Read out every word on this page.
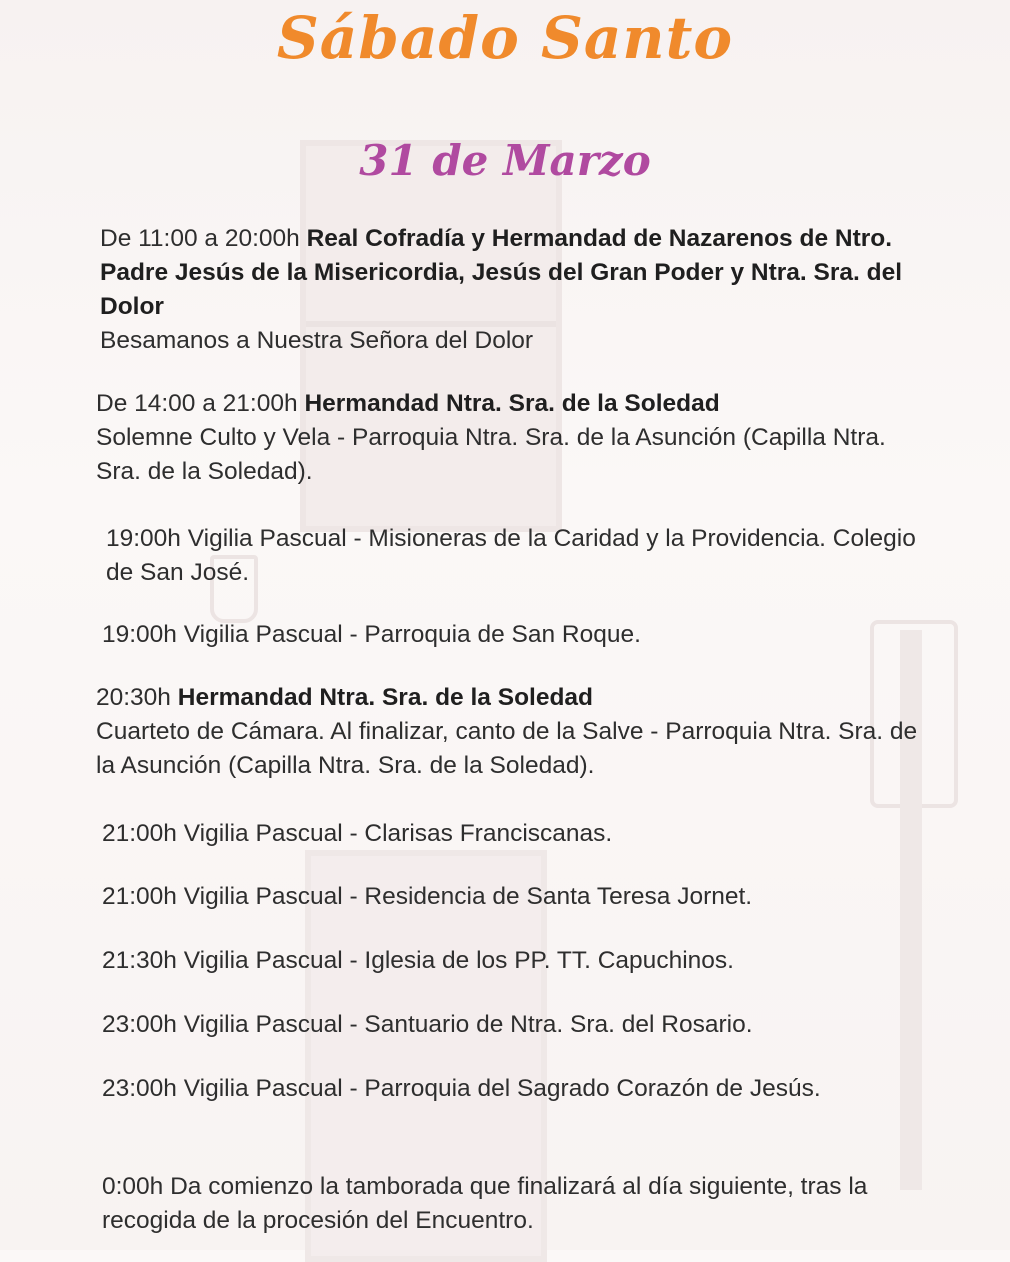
Sábado Santo
31 de Marzo
De 11:00 a 20:00h Real Cofradía y Hermandad de Nazarenos de Ntro. Padre Jesús de la Misericordia, Jesús del Gran Poder y Ntra. Sra. del Dolor
Besamanos a Nuestra Señora del Dolor
De 14:00 a 21:00h Hermandad Ntra. Sra. de la Soledad
Solemne Culto y Vela - Parroquia Ntra. Sra. de la Asunción (Capilla Ntra. Sra. de la Soledad).
19:00h Vigilia Pascual - Misioneras de la Caridad y la Providencia. Colegio de San José.
19:00h Vigilia Pascual - Parroquia de San Roque.
20:30h Hermandad Ntra. Sra. de la Soledad
Cuarteto de Cámara. Al finalizar, canto de la Salve - Parroquia Ntra. Sra. de la Asunción (Capilla Ntra. Sra. de la Soledad).
21:00h Vigilia Pascual - Clarisas Franciscanas.
21:00h Vigilia Pascual - Residencia de Santa Teresa Jornet.
21:30h Vigilia Pascual - Iglesia de los PP. TT. Capuchinos.
23:00h Vigilia Pascual - Santuario de Ntra. Sra. del Rosario.
23:00h Vigilia Pascual - Parroquia del Sagrado Corazón de Jesús.
0:00h Da comienzo la tamborada que finalizará al día siguiente, tras la recogida de la procesión del Encuentro.
